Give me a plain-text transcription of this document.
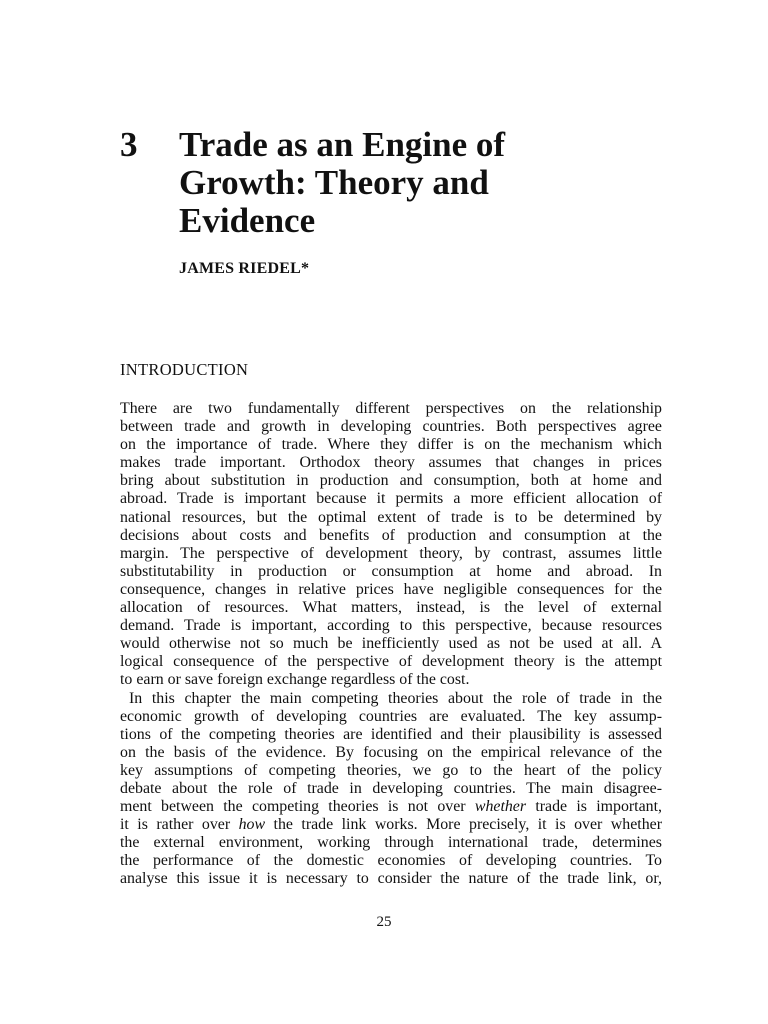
3 Trade as an Engine of
Growth: Theory and
Evidence
JAMES RIEDEL*
INTRODUCTION
There are two fundamentally different perspectives on the relationship
between trade and growth in developing countries. Both perspectives agree
on the importance of trade. Where they differ is on the mechanism which
makes trade important. Orthodox theory assumes that changes in prices
bring about substitution in production and consumption, both at home and
abroad. Trade is important because it permits a more efficient allocation of
national resources, but the optimal extent of trade is to be determined by
decisions about costs and benefits of production and consumption at the
margin. The perspective of development theory, by contrast, assumes little
substitutability in production or consumption at home and abroad. In
consequence, changes in relative prices have negligible consequences for the
allocation of resources. What matters, instead, is the level of external
demand. Trade is important, according to this perspective, because resources
would otherwise not so much be inefficiently used as not be used at all. A
logical consequence of the perspective of development theory is the attempt
to earn or save foreign exchange regardless of the cost.
In this chapter the main competing theories about the role of trade in the
economic growth of developing countries are evaluated. The key assump-
tions of the competing theories are identified and their plausibility is assessed
on the basis of the evidence. By focusing on the empirical relevance of the
key assumptions of competing theories, we go to the heart of the policy
debate about the role of trade in developing countries. The main disagree-
ment between the competing theories is not over whether trade is important,
it is rather over how the trade link works. More precisely, it is over whether
the external environment, working through international trade, determines
the performance of the domestic economies of developing countries. To
analyse this issue it is necessary to consider the nature of the trade link, or,
25
